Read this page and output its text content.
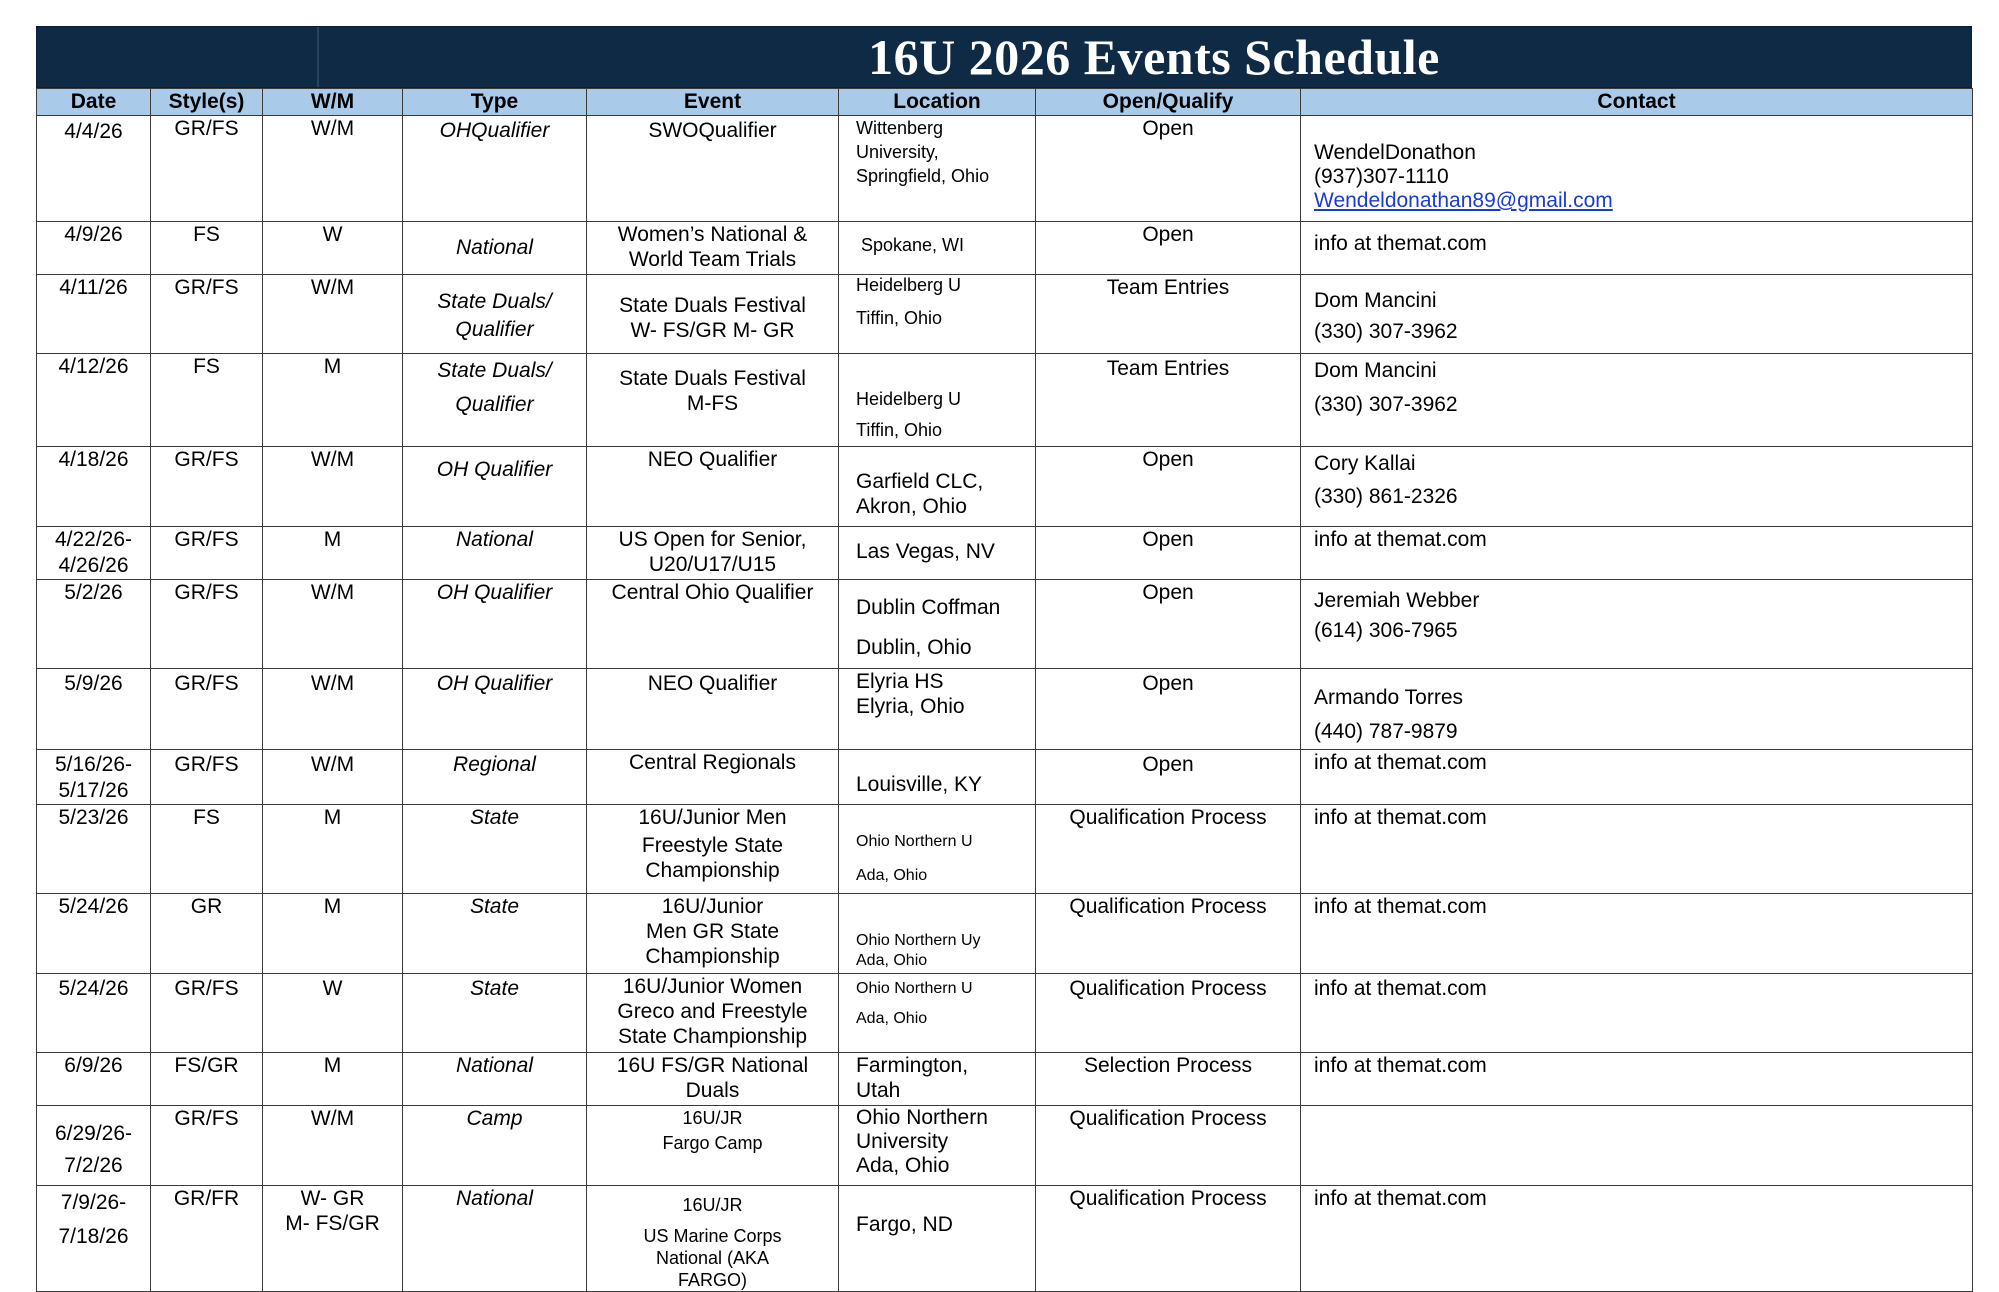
16U 2026 Events Schedule
Date	Style(s)	W/M	Type	Event	Location	Open/Qualify	Contact

4/4/26	GR/FS	W/M	OHQualifier	SWOQualifier	Wittenberg
University,
Springfield, Ohio	Open	WendelDonathon
(937)307-1110
Wendeldonathan89@gmail.com

4/9/26	FS	W	National	Women’s National &
World Team Trials	Spokane, WI	Open	info at themat.com

4/11/26	GR/FS	W/M	State Duals/
Qualifier	State Duals Festival
W- FS/GR M- GR	Heidelberg U
Tiffin, Ohio	Team Entries	Dom Mancini
(330) 307-3962

4/12/26	FS	M	State Duals/
Qualifier	State Duals Festival
M-FS	Heidelberg U
Tiffin, Ohio	Team Entries	Dom Mancini
(330) 307-3962

4/18/26	GR/FS	W/M	OH Qualifier	NEO Qualifier	Garfield CLC,
Akron, Ohio	Open	Cory Kallai
(330) 861-2326

4/22/26-
4/26/26	GR/FS	M	National	US Open for Senior,
U20/U17/U15	Las Vegas, NV	Open	info at themat.com

5/2/26	GR/FS	W/M	OH Qualifier	Central Ohio Qualifier	Dublin Coffman
Dublin, Ohio	Open	Jeremiah Webber
(614) 306-7965

5/9/26	GR/FS	W/M	OH Qualifier	NEO Qualifier	Elyria HS
Elyria, Ohio	Open	Armando Torres
(440) 787-9879

5/16/26-
5/17/26	GR/FS	W/M	Regional	Central Regionals	Louisville, KY	Open	info at themat.com

5/23/26	FS	M	State	16U/Junior Men
Freestyle State
Championship	Ohio Northern U
Ada, Ohio	Qualification Process	info at themat.com

5/24/26	GR	M	State	16U/Junior
Men GR State
Championship	Ohio Northern Uy
Ada, Ohio	Qualification Process	info at themat.com

5/24/26	GR/FS	W	State	16U/Junior Women
Greco and Freestyle
State Championship	Ohio Northern U
Ada, Ohio	Qualification Process	info at themat.com

6/9/26	FS/GR	M	National	16U FS/GR National
Duals	Farmington,
Utah	Selection Process	info at themat.com

6/29/26-
7/2/26	GR/FS	W/M	Camp	16U/JR
Fargo Camp	Ohio Northern
University
Ada, Ohio	Qualification Process	

7/9/26-
7/18/26	GR/FR	W- GR
M- FS/GR	National	16U/JR
US Marine Corps
National (AKA
FARGO)	Fargo, ND	Qualification Process	info at themat.com
